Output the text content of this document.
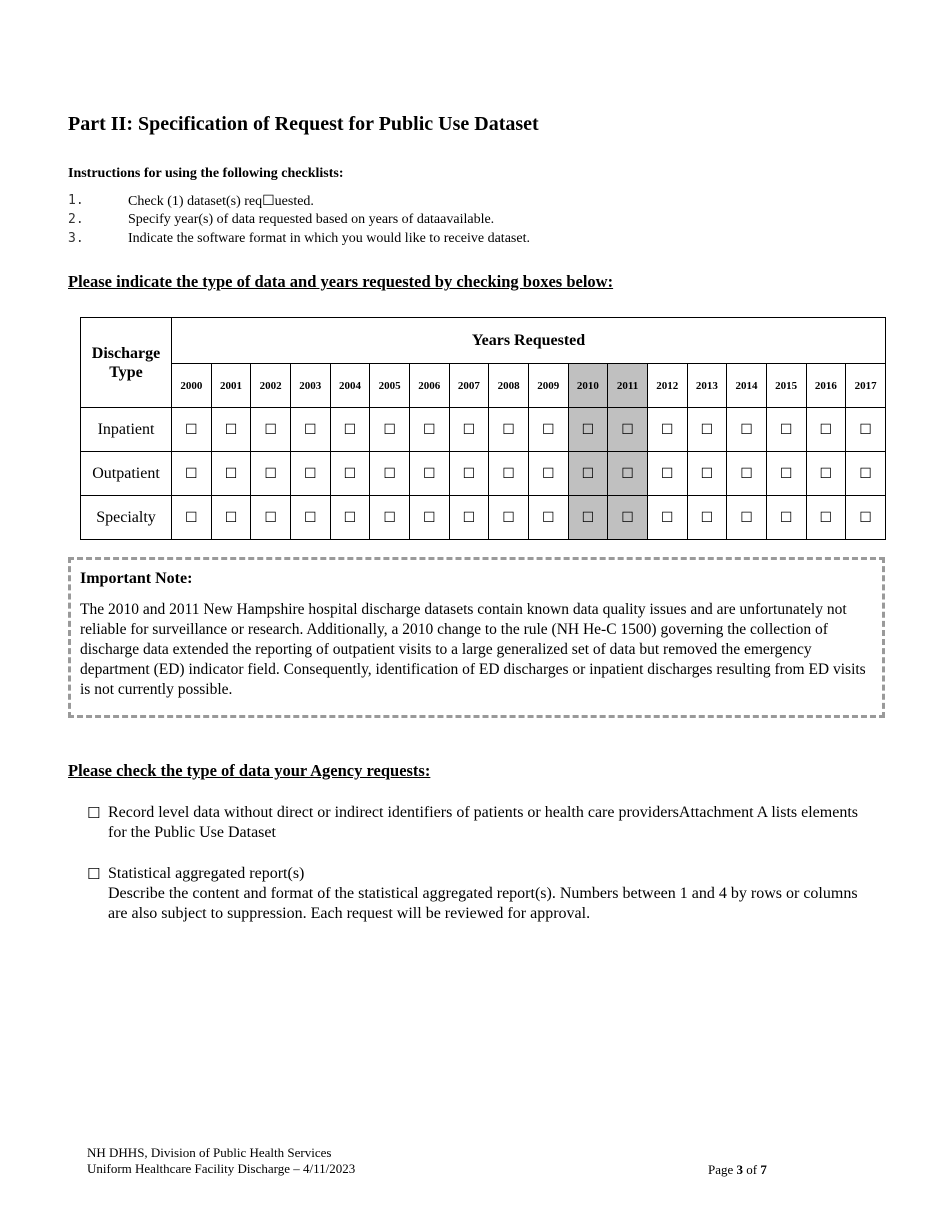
Part II: Specification of Request for Public Use Dataset
Instructions for using the following checklists:
1.	Check (1) dataset(s) req☐uested.
2.	Specify year(s) of data requested based on years of dataavailable.
3.	Indicate the software format in which you would like to receive dataset.
Please indicate the type of data and years requested by checking boxes below:
Discharge Type	Years Requested																	
	2000	2001	2002	2003	2004	2005	2006	2007	2008	2009	2010	2011	2012	2013	2014	2015	2016	2017
Inpatient	☐	☐	☐	☐	☐	☐	☐	☐	☐	☐	☐	☐	☐	☐	☐	☐	☐	☐
Outpatient	☐	☐	☐	☐	☐	☐	☐	☐	☐	☐	☐	☐	☐	☐	☐	☐	☐	☐
Specialty	☐	☐	☐	☐	☐	☐	☐	☐	☐	☐	☐	☐	☐	☐	☐	☐	☐	☐
Important Note:
The 2010 and 2011 New Hampshire hospital discharge datasets contain known data quality issues and are unfortunately not reliable for surveillance or research. Additionally, a 2010 change to the rule (NH He-C 1500) governing the collection of discharge data extended the reporting of outpatient visits to a large generalized set of data but removed the emergency department (ED) indicator field. Consequently, identification of ED discharges or inpatient discharges resulting from ED visits is not currently possible.
Please check the type of data your Agency requests:
☐ Record level data without direct or indirect identifiers of patients or health care providersAttachment A lists elements for the Public Use Dataset
☐ Statistical aggregated report(s)
Describe the content and format of the statistical aggregated report(s). Numbers between 1 and 4 by rows or columns are also subject to suppression. Each request will be reviewed for approval.
NH DHHS, Division of Public Health Services
Uniform Healthcare Facility Discharge – 4/11/2023	Page 3 of 7
